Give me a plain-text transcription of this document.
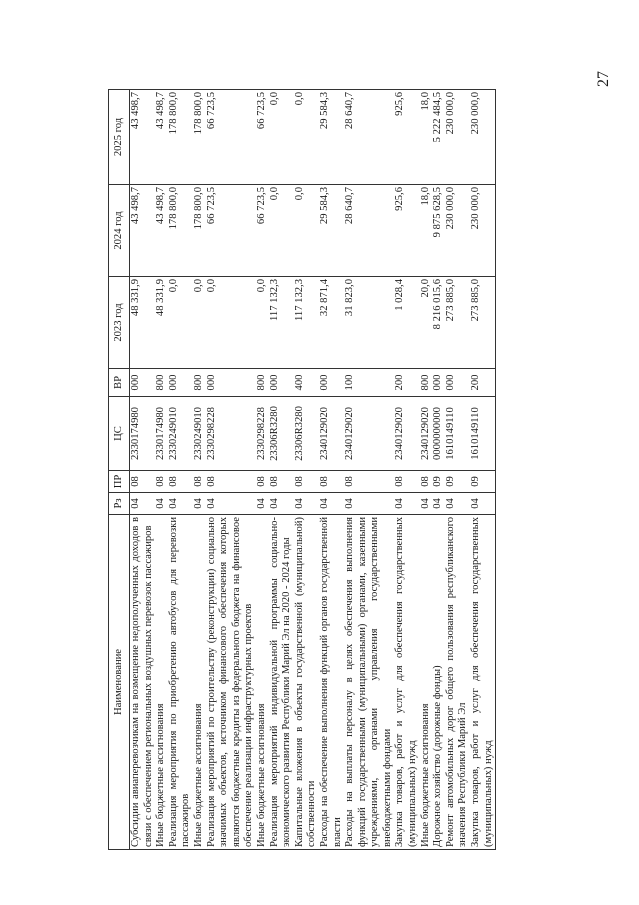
27
Наименование	Рз	ПР	ЦС	ВР	2023 год	2024 год	2025 год
Субсидии авиаперевозчикам на возмещение недополученных доходов в связи с обеспечением региональных воздушных перевозок пассажиров	04	08	2330174980	000	48 331,9	43 498,7	43 498,7
Иные бюджетные ассигнования	04	08	2330174980	800	48 331,9	43 498,7	43 498,7
Реализация мероприятия по приобретению автобусов для перевозки пассажиров	04	08	2330249010	000	0,0	178 800,0	178 800,0
Иные бюджетные ассигнования	04	08	2330249010	800	0,0	178 800,0	178 800,0
Реализация мероприятий по строительству (реконструкции) социально значимых объектов, источником финансового обеспечения которых являются бюджетные кредиты из федерального бюджета на финансовое обеспечение реализации инфраструктурных проектов	04	08	2330298228	000	0,0	66 723,5	66 723,5
Иные бюджетные ассигнования	04	08	2330298228	800	0,0	66 723,5	66 723,5
Реализация мероприятий индивидуальной программы социально-экономического развития Республики Марий Эл на 2020 - 2024 годы	04	08	23306R3280	000	117 132,3	0,0	0,0
Капитальные вложения в объекты государственной (муниципальной) собственности	04	08	23306R3280	400	117 132,3	0,0	0,0
Расходы на обеспечение выполнения функций органов государственной власти	04	08	2340129020	000	32 871,4	29 584,3	29 584,3
Расходы на выплаты персоналу в целях обеспечения выполнения функций государственными (муниципальными) органами, казенными учреждениями, органами управления государственными внебюджетными фондами	04	08	2340129020	100	31 823,0	28 640,7	28 640,7
Закупка товаров, работ и услуг для обеспечения государственных (муниципальных) нужд	04	08	2340129020	200	1 028,4	925,6	925,6
Иные бюджетные ассигнования	04	08	2340129020	800	20,0	18,0	18,0
Дорожное хозяйство (дорожные фонды)	04	09	0000000000	000	8 216 015,6	9 875 628,5	5 222 484,5
Ремонт автомобильных дорог общего пользования республиканского значения Республики Марий Эл	04	09	1610149110	000	273 885,0	230 000,0	230 000,0
Закупка товаров, работ и услуг для обеспечения государственных (муниципальных) нужд	04	09	1610149110	200	273 885,0	230 000,0	230 000,0
